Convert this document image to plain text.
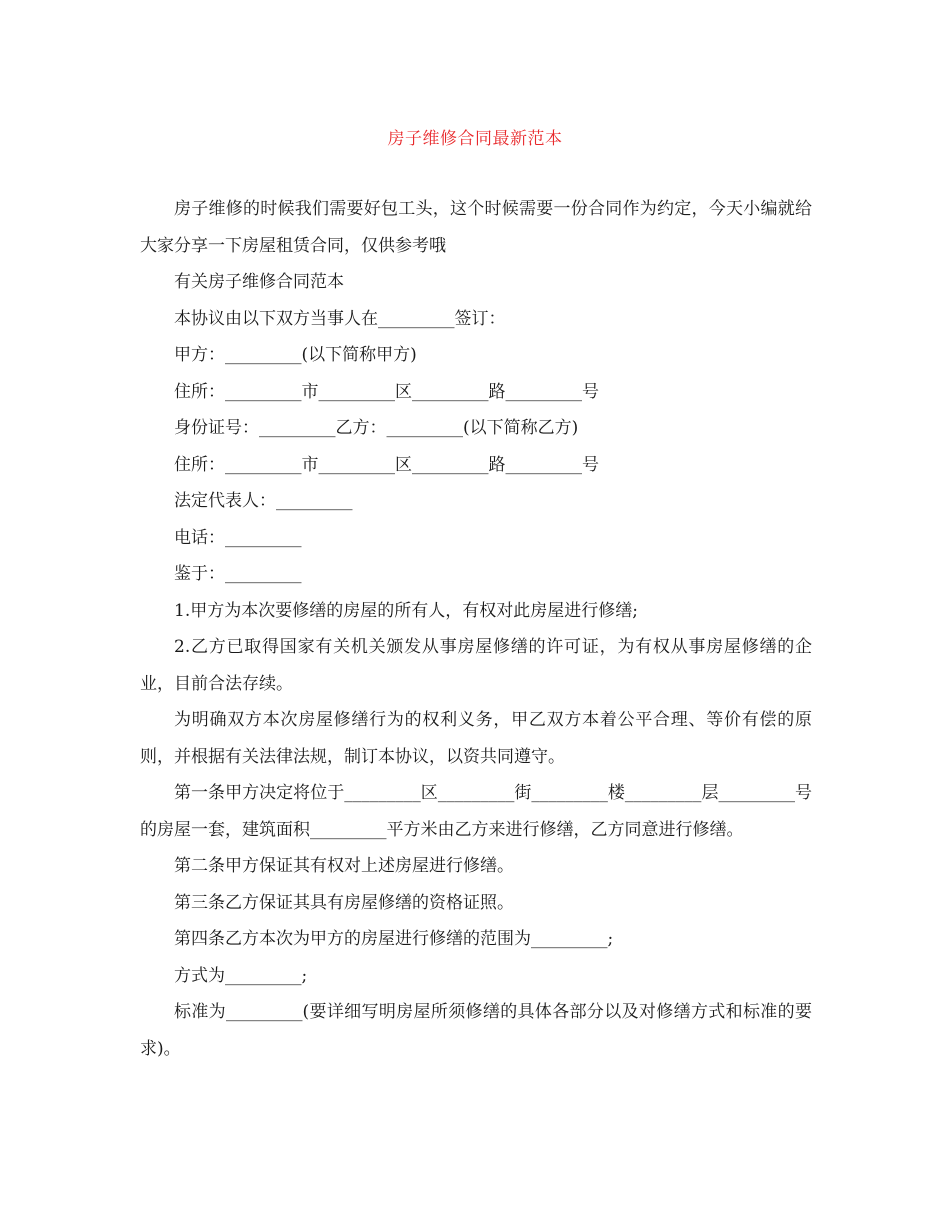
房子维修合同最新范本

房子维修的时候我们需要好包工头，这个时候需要一份合同作为约定，今天小编就给大家分享一下房屋租赁合同，仅供参考哦

有关房子维修合同范本

本协议由以下双方当事人在_________签订：

甲方：_________(以下简称甲方)

住所：_________市_________区_________路_________号

身份证号：_________乙方：_________(以下简称乙方)

住所：_________市_________区_________路_________号

法定代表人：_________

电话：_________

鉴于：_________

1.甲方为本次要修缮的房屋的所有人，有权对此房屋进行修缮;

2.乙方已取得国家有关机关颁发从事房屋修缮的许可证，为有权从事房屋修缮的企业，目前合法存续。

为明确双方本次房屋修缮行为的权利义务，甲乙双方本着公平合理、等价有偿的原则，并根据有关法律法规，制订本协议，以资共同遵守。

第一条甲方决定将位于_________区_________街_________楼_________层_________号的房屋一套，建筑面积_________平方米由乙方来进行修缮，乙方同意进行修缮。

第二条甲方保证其有权对上述房屋进行修缮。

第三条乙方保证其具有房屋修缮的资格证照。

第四条乙方本次为甲方的房屋进行修缮的范围为_________;

方式为_________;

标准为_________(要详细写明房屋所须修缮的具体各部分以及对修缮方式和标准的要求)。
